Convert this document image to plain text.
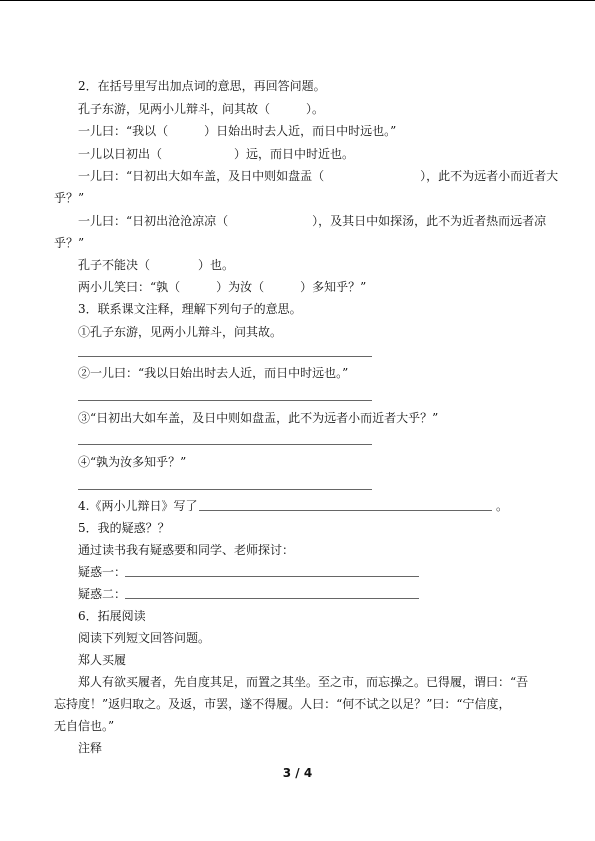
2．在括号里写出加点词的意思，再回答问题。
孔子东游，见两小儿辩斗，问其故（　　　）。
一儿曰：“我以（　　　）日始出时去人近，而日中时远也。”
一儿以日初出（　　　　　　）远，而日中时近也。
一儿曰：“日初出大如车盖，及日中则如盘盂（　　　　　　　　），此不为远者小而近者大
乎？”
一儿曰：“日初出沧沧凉凉（　　　　　　　），及其日中如探汤，此不为近者热而远者凉
乎？”
孔子不能决（　　　　）也。
两小儿笑曰：“孰（　　　）为汝（　　　）多知乎？”
3．联系课文注释，理解下列句子的意思。
①孔子东游，见两小儿辩斗，问其故。
②一儿曰：“我以日始出时去人近，而日中时远也。”
③“日初出大如车盖，及日中则如盘盂，此不为远者小而近者大乎？”
④“孰为汝多知乎？”
4.《两小儿辩日》写了	。
5．我的疑惑？？
通过读书我有疑惑要和同学、老师探讨：
疑惑一：
疑惑二：
6．拓展阅读
阅读下列短文回答问题。
郑人买履
郑人有欲买履者，先自度其足，而置之其坐。至之市，而忘操之。已得履，谓曰：“吾
忘持度！”返归取之。及返，市罢，遂不得履。人曰：“何不试之以足？”曰：“宁信度，
无自信也。”
注释
3 / 4
